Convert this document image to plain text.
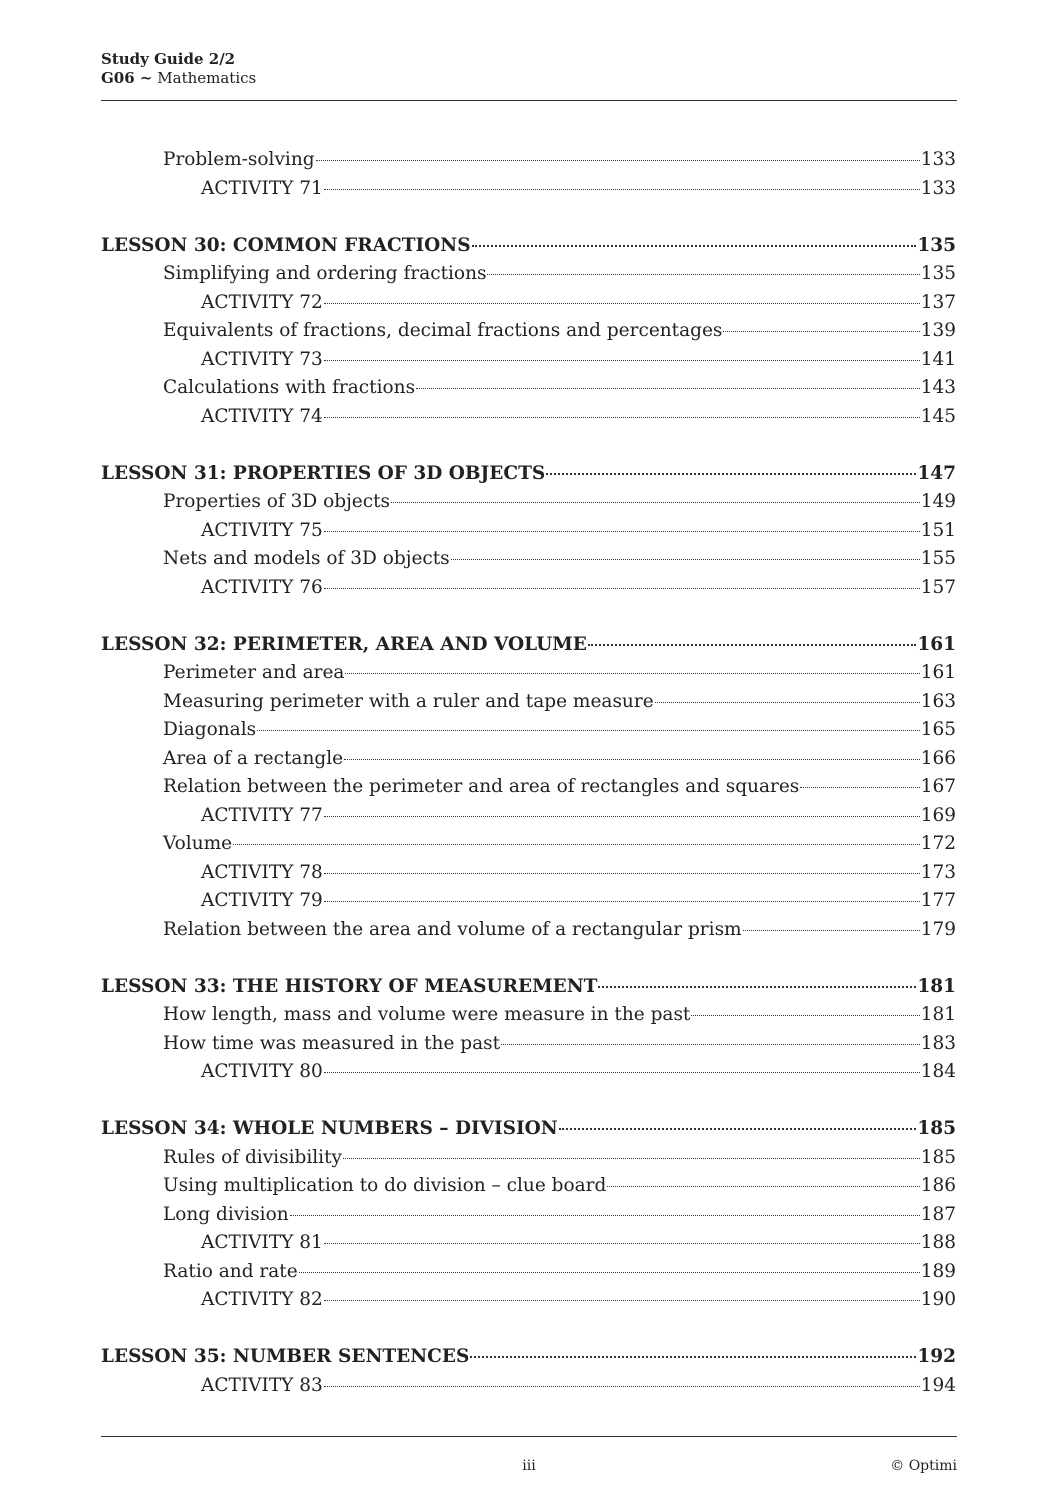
Study Guide 2/2
G06 ~ Mathematics
Problem-solving	133
ACTIVITY 71	133
LESSON 30: COMMON FRACTIONS	135
Simplifying and ordering fractions	135
ACTIVITY 72	137
Equivalents of fractions, decimal fractions and percentages	139
ACTIVITY 73	141
Calculations with fractions	143
ACTIVITY 74	145
LESSON 31: PROPERTIES OF 3D OBJECTS	147
Properties of 3D objects	149
ACTIVITY 75	151
Nets and models of 3D objects	155
ACTIVITY 76	157
LESSON 32: PERIMETER, AREA AND VOLUME	161
Perimeter and area	161
Measuring perimeter with a ruler and tape measure	163
Diagonals	165
Area of a rectangle	166
Relation between the perimeter and area of rectangles and squares	167
ACTIVITY 77	169
Volume	172
ACTIVITY 78	173
ACTIVITY 79	177
Relation between the area and volume of a rectangular prism	179
LESSON 33: THE HISTORY OF MEASUREMENT	181
How length, mass and volume were measure in the past	181
How time was measured in the past	183
ACTIVITY 80	184
LESSON 34: WHOLE NUMBERS – DIVISION	185
Rules of divisibility	185
Using multiplication to do division – clue board	186
Long division	187
ACTIVITY 81	188
Ratio and rate	189
ACTIVITY 82	190
LESSON 35: NUMBER SENTENCES	192
ACTIVITY 83	194
iii	© Optimi
